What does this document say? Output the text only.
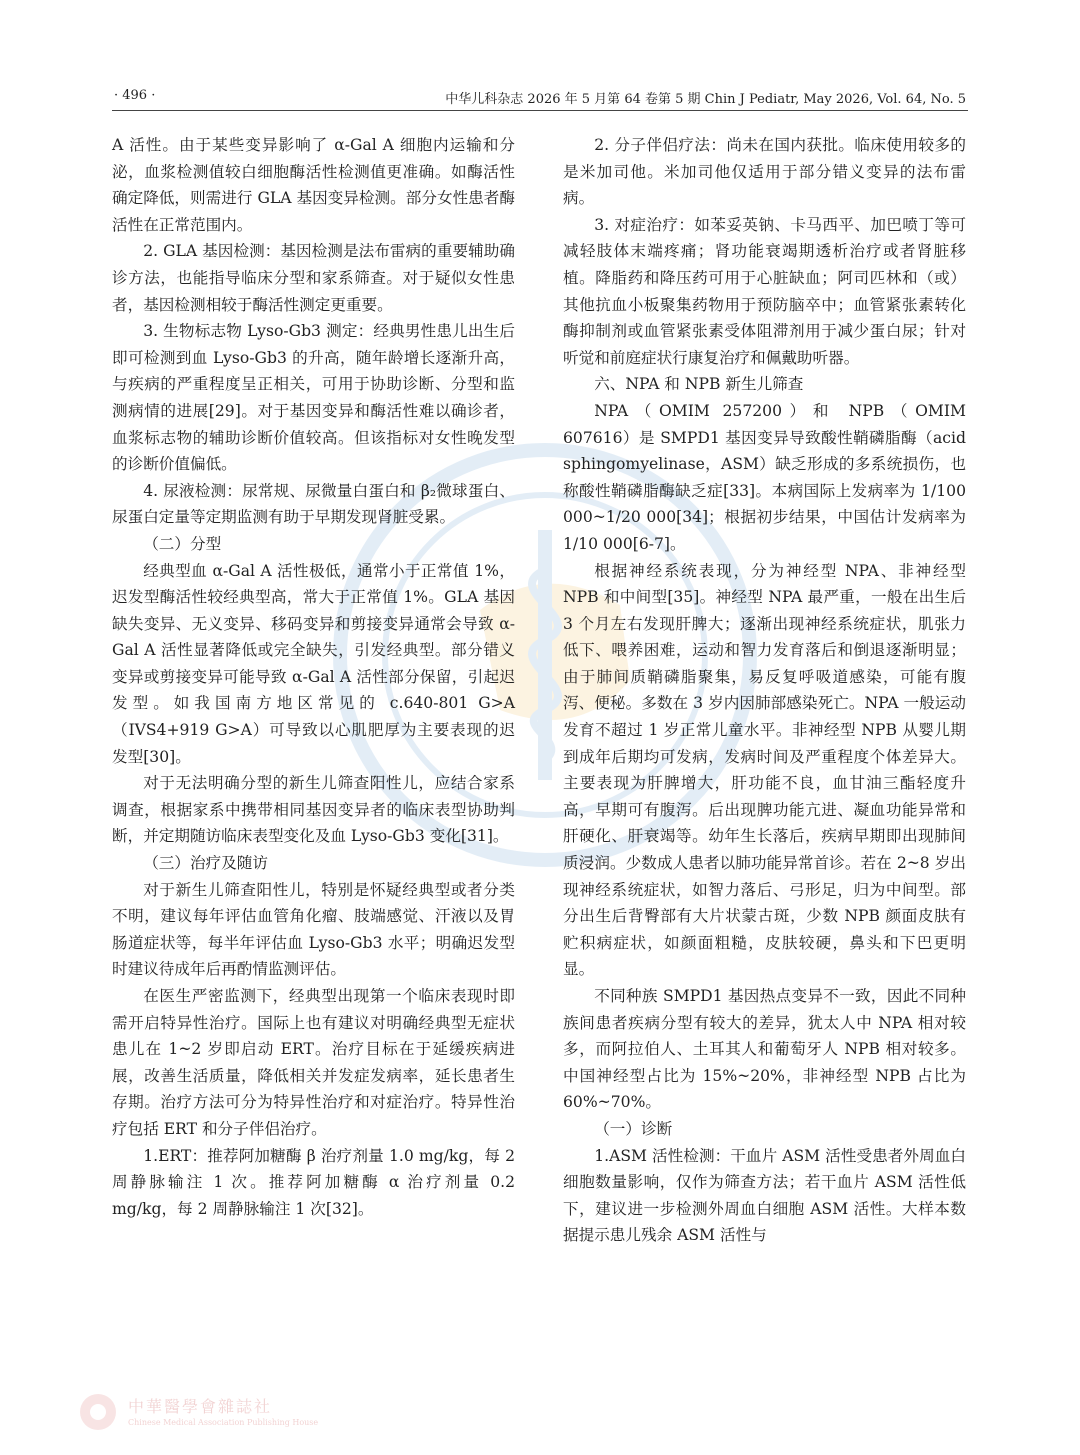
· 496 ·	中华儿科杂志 2026 年 5 月第 64 卷第 5 期 Chin J Pediatr, May 2026, Vol. 64, No. 5

A 活性。由于某些变异影响了 α-Gal A 细胞内运输和分泌，血浆检测值较白细胞酶活性检测值更准确。如酶活性确定降低，则需进行 GLA 基因变异检测。部分女性患者酶活性在正常范围内。

2. GLA 基因检测：基因检测是法布雷病的重要辅助确诊方法，也能指导临床分型和家系筛查。对于疑似女性患者，基因检测相较于酶活性测定更重要。

3. 生物标志物 Lyso-Gb3 测定：经典男性患儿出生后即可检测到血 Lyso-Gb3 的升高，随年龄增长逐渐升高，与疾病的严重程度呈正相关，可用于协助诊断、分型和监测病情的进展[29]。对于基因变异和酶活性难以确诊者，血浆标志物的辅助诊断价值较高。但该指标对女性晚发型的诊断价值偏低。

4. 尿液检测：尿常规、尿微量白蛋白和 β₂微球蛋白、尿蛋白定量等定期监测有助于早期发现肾脏受累。

（二）分型

经典型血 α-Gal A 活性极低，通常小于正常值 1%，迟发型酶活性较经典型高，常大于正常值 1%。GLA 基因缺失变异、无义变异、移码变异和剪接变异通常会导致 α-Gal A 活性显著降低或完全缺失，引发经典型。部分错义变异或剪接变异可能导致 α-Gal A 活性部分保留，引起迟发型。如我国南方地区常见的 c.640-801 G>A（IVS4+919 G>A）可导致以心肌肥厚为主要表现的迟发型[30]。

对于无法明确分型的新生儿筛查阳性儿，应结合家系调查，根据家系中携带相同基因变异者的临床表型协助判断，并定期随访临床表型变化及血 Lyso-Gb3 变化[31]。

（三）治疗及随访

对于新生儿筛查阳性儿，特别是怀疑经典型或者分类不明，建议每年评估血管角化瘤、肢端感觉、汗液以及胃肠道症状等，每半年评估血 Lyso-Gb3 水平；明确迟发型时建议待成年后再酌情监测评估。

在医生严密监测下，经典型出现第一个临床表现时即需开启特异性治疗。国际上也有建议对明确经典型无症状患儿在 1~2 岁即启动 ERT。治疗目标在于延缓疾病进展，改善生活质量，降低相关并发症发病率，延长患者生存期。治疗方法可分为特异性治疗和对症治疗。特异性治疗包括 ERT 和分子伴侣治疗。

1.ERT：推荐阿加糖酶 β 治疗剂量 1.0 mg/kg，每 2 周静脉输注 1 次。推荐阿加糖酶 α 治疗剂量 0.2 mg/kg，每 2 周静脉输注 1 次[32]。

2. 分子伴侣疗法：尚未在国内获批。临床使用较多的是米加司他。米加司他仅适用于部分错义变异的法布雷病。

3. 对症治疗：如苯妥英钠、卡马西平、加巴喷丁等可减轻肢体末端疼痛；肾功能衰竭期透析治疗或者肾脏移植。降脂药和降压药可用于心脏缺血；阿司匹林和（或）其他抗血小板聚集药物用于预防脑卒中；血管紧张素转化酶抑制剂或血管紧张素受体阻滞剂用于减少蛋白尿；针对听觉和前庭症状行康复治疗和佩戴助听器。

六、NPA 和 NPB 新生儿筛查

NPA（OMIM 257200）和 NPB（OMIM 607616）是 SMPD1 基因变异导致酸性鞘磷脂酶（acid sphingomyelinase，ASM）缺乏形成的多系统损伤，也称酸性鞘磷脂酶缺乏症[33]。本病国际上发病率为 1/100 000~1/20 000[34]；根据初步结果，中国估计发病率为 1/10 000[6-7]。

根据神经系统表现，分为神经型 NPA、非神经型 NPB 和中间型[35]。神经型 NPA 最严重，一般在出生后 3 个月左右发现肝脾大；逐渐出现神经系统症状，肌张力低下、喂养困难，运动和智力发育落后和倒退逐渐明显；由于肺间质鞘磷脂聚集，易反复呼吸道感染，可能有腹泻、便秘。多数在 3 岁内因肺部感染死亡。NPA 一般运动发育不超过 1 岁正常儿童水平。非神经型 NPB 从婴儿期到成年后期均可发病，发病时间及严重程度个体差异大。主要表现为肝脾增大，肝功能不良，血甘油三酯轻度升高，早期可有腹泻。后出现脾功能亢进、凝血功能异常和肝硬化、肝衰竭等。幼年生长落后，疾病早期即出现肺间质浸润。少数成人患者以肺功能异常首诊。若在 2~8 岁出现神经系统症状，如智力落后、弓形足，归为中间型。部分出生后背臀部有大片状蒙古斑，少数 NPB 颜面皮肤有贮积病症状，如颜面粗糙，皮肤较硬，鼻头和下巴更明显。

不同种族 SMPD1 基因热点变异不一致，因此不同种族间患者疾病分型有较大的差异，犹太人中 NPA 相对较多，而阿拉伯人、土耳其人和葡萄牙人 NPB 相对较多。中国神经型占比为 15%~20%，非神经型 NPB 占比为 60%~70%。

（一）诊断

1.ASM 活性检测：干血片 ASM 活性受患者外周血白细胞数量影响，仅作为筛查方法；若干血片 ASM 活性低下，建议进一步检测外周血白细胞 ASM 活性。大样本数据提示患儿残余 ASM 活性与

中華醫學會雜誌社
Chinese Medical Association Publishing House
